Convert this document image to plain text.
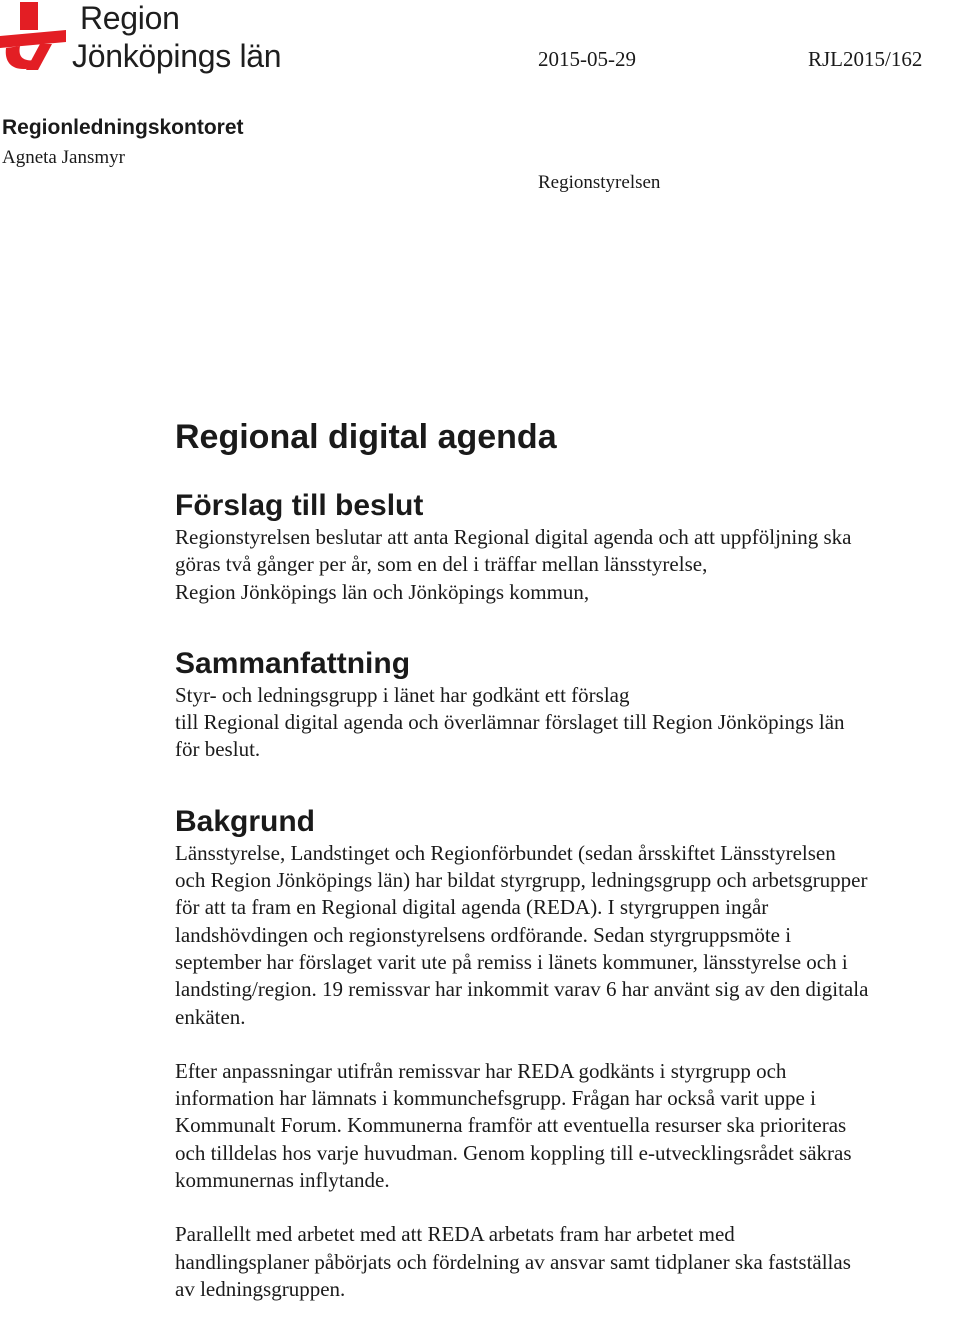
Region
Jönköpings län	2015-05-29	RJL2015/162
Regionledningskontoret
Agneta Jansmyr
Regionstyrelsen
Regional digital agenda
Förslag till beslut

Regionstyrelsen beslutar att anta Regional digital agenda och att uppföljning ska
göras två gånger per år, som en del i träffar mellan länsstyrelse,
Region Jönköpings län och Jönköpings kommun,

Sammanfattning

Styr- och ledningsgrupp i länet har godkänt ett förslag
till Regional digital agenda och överlämnar förslaget till Region Jönköpings län
för beslut.

Bakgrund

Länsstyrelse, Landstinget och Regionförbundet (sedan årsskiftet Länsstyrelsen
och Region Jönköpings län) har bildat styrgrupp, ledningsgrupp och arbetsgrupper
för att ta fram en Regional digital agenda (REDA). I styrgruppen ingår
landshövdingen och regionstyrelsens ordförande. Sedan styrgruppsmöte i
september har förslaget varit ute på remiss i länets kommuner, länsstyrelse och i
landsting/region. 19 remissvar har inkommit varav 6 har använt sig av den digitala
enkäten.

Efter anpassningar utifrån remissvar har REDA godkänts i styrgrupp och
information har lämnats i kommunchefsgrupp. Frågan har också varit uppe i
Kommunalt Forum. Kommunerna framför att eventuella resurser ska prioriteras
och tilldelas hos varje huvudman. Genom koppling till e-utvecklingsrådet säkras
kommunernas inflytande.

Parallellt med arbetet med att REDA arbetats fram har arbetet med
handlingsplaner påbörjats och fördelning av ansvar samt tidplaner ska fastställas
av ledningsgruppen.
